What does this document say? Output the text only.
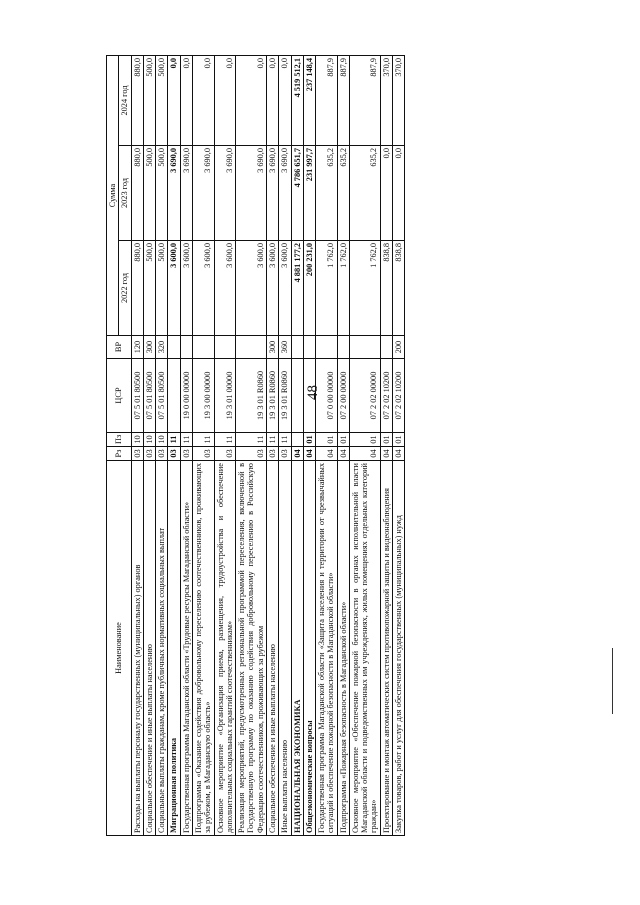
48
Наименование	Рз	Пз	ЦСР	ВР	Сумма		
					2022 год	2023 год	2024 год
Расходы на выплаты персоналу государственных (муниципальных) органов	03	10	07 5 01 80500	120	880,0	880,0	880,0
Социальное обеспечение и иные выплаты населению	03	10	07 5 01 80500	300	500,0	500,0	500,0
Социальные выплаты гражданам, кроме публичных нормативных социальных выплат	03	10	07 5 01 80500	320	500,0	500,0	500,0
Миграционная политика	03	11			3 600,0	3 690,0	0,0
Государственная программа Магаданской области «Трудовые ресурсы Магаданской области»	03	11	19 0 00 00000		3 600,0	3 690,0	0,0
Подпрограмма «Оказание содействия добровольному переселению соотечественников, проживающих за рубежом, в Магаданскую область»	03	11	19 3 00 00000		3 600,0	3 690,0	0,0
Основное мероприятие «Организация приема, размещения, трудоустройства и обеспечение дополнительных социальных гарантий соотечественникам»	03	11	19 3 01 00000		3 600,0	3 690,0	0,0
Реализация мероприятий, предусмотренных региональной программой переселения, включенной в Государственную программу по оказанию содействия добровольному переселению в Российскую Федерацию соотечественников, проживающих за рубежом	03	11	19 3 01 R0860		3 600,0	3 690,0	0,0
Социальное обеспечение и иные выплаты населению	03	11	19 3 01 R0860	300	3 600,0	3 690,0	0,0
Иные выплаты населению	03	11	19 3 01 R0860	360	3 600,0	3 690,0	0,0
НАЦИОНАЛЬНАЯ ЭКОНОМИКА	04				4 881 177,2	4 786 651,7	4 519 512,1
Общеэкономические вопросы	04	01			200 231,0	231 997,7	237 148,4
Государственная программа Магаданской области «Защита населения и территории от чрезвычайных ситуаций и обеспечение пожарной безопасности в Магаданской области»	04	01	07 0 00 00000		1 762,0	635,2	887,9
Подпрограмма «Пожарная безопасность в Магаданской области»	04	01	07 2 00 00000		1 762,0	635,2	887,9
Основное мероприятие «Обеспечение пожарной безопасности в органах исполнительной власти Магаданской области и подведомственных им учреждениях, жилых помещениях отдельных категорий граждан»	04	01	07 2 02 00000		1 762,0	635,2	887,9
Проектирование и монтаж автоматических систем противопожарной защиты и видеонаблюдения	04	01	07 2 02 10200		838,8	0,0	370,0
Закупка товаров, работ и услуг для обеспечения государственных (муниципальных) нужд	04	01	07 2 02 10200	200	838,8	0,0	370,0
